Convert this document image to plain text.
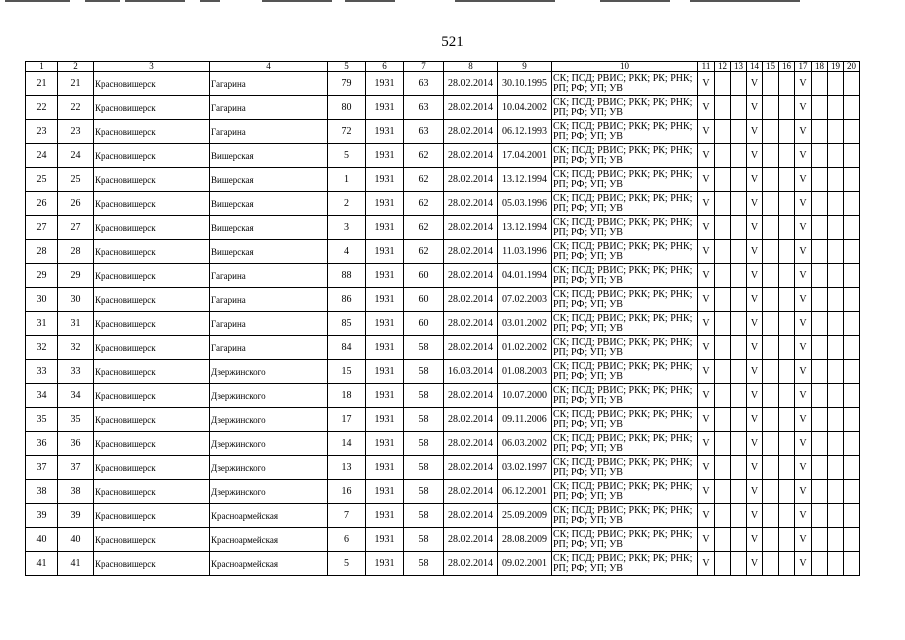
521
1	2	3	4	5	6	7	8	9	10	11	12	13	14	15	16	17	18	19	20
21	21	Красновишерск	Гагарина	79	1931	63	28.02.2014	30.10.1995	СК; ПСД; РВИС; РКК; РК; РНК; РП; РФ; УП; УВ	V			V			V			
22	22	Красновишерск	Гагарина	80	1931	63	28.02.2014	10.04.2002	СК; ПСД; РВИС; РКК; РК; РНК; РП; РФ; УП; УВ	V			V			V			
23	23	Красновишерск	Гагарина	72	1931	63	28.02.2014	06.12.1993	СК; ПСД; РВИС; РКК; РК; РНК; РП; РФ; УП; УВ	V			V			V			
24	24	Красновишерск	Вишерская	5	1931	62	28.02.2014	17.04.2001	СК; ПСД; РВИС; РКК; РК; РНК; РП; РФ; УП; УВ	V			V			V			
25	25	Красновишерск	Вишерская	1	1931	62	28.02.2014	13.12.1994	СК; ПСД; РВИС; РКК; РК; РНК; РП; РФ; УП; УВ	V			V			V			
26	26	Красновишерск	Вишерская	2	1931	62	28.02.2014	05.03.1996	СК; ПСД; РВИС; РКК; РК; РНК; РП; РФ; УП; УВ	V			V			V			
27	27	Красновишерск	Вишерская	3	1931	62	28.02.2014	13.12.1994	СК; ПСД; РВИС; РКК; РК; РНК; РП; РФ; УП; УВ	V			V			V			
28	28	Красновишерск	Вишерская	4	1931	62	28.02.2014	11.03.1996	СК; ПСД; РВИС; РКК; РК; РНК; РП; РФ; УП; УВ	V			V			V			
29	29	Красновишерск	Гагарина	88	1931	60	28.02.2014	04.01.1994	СК; ПСД; РВИС; РКК; РК; РНК; РП; РФ; УП; УВ	V			V			V			
30	30	Красновишерск	Гагарина	86	1931	60	28.02.2014	07.02.2003	СК; ПСД; РВИС; РКК; РК; РНК; РП; РФ; УП; УВ	V			V			V			
31	31	Красновишерск	Гагарина	85	1931	60	28.02.2014	03.01.2002	СК; ПСД; РВИС; РКК; РК; РНК; РП; РФ; УП; УВ	V			V			V			
32	32	Красновишерск	Гагарина	84	1931	58	28.02.2014	01.02.2002	СК; ПСД; РВИС; РКК; РК; РНК; РП; РФ; УП; УВ	V			V			V			
33	33	Красновишерск	Дзержинского	15	1931	58	16.03.2014	01.08.2003	СК; ПСД; РВИС; РКК; РК; РНК; РП; РФ; УП; УВ	V			V			V			
34	34	Красновишерск	Дзержинского	18	1931	58	28.02.2014	10.07.2000	СК; ПСД; РВИС; РКК; РК; РНК; РП; РФ; УП; УВ	V			V			V			
35	35	Красновишерск	Дзержинского	17	1931	58	28.02.2014	09.11.2006	СК; ПСД; РВИС; РКК; РК; РНК; РП; РФ; УП; УВ	V			V			V			
36	36	Красновишерск	Дзержинского	14	1931	58	28.02.2014	06.03.2002	СК; ПСД; РВИС; РКК; РК; РНК; РП; РФ; УП; УВ	V			V			V			
37	37	Красновишерск	Дзержинского	13	1931	58	28.02.2014	03.02.1997	СК; ПСД; РВИС; РКК; РК; РНК; РП; РФ; УП; УВ	V			V			V			
38	38	Красновишерск	Дзержинского	16	1931	58	28.02.2014	06.12.2001	СК; ПСД; РВИС; РКК; РК; РНК; РП; РФ; УП; УВ	V			V			V			
39	39	Красновишерск	Красноармейская	7	1931	58	28.02.2014	25.09.2009	СК; ПСД; РВИС; РКК; РК; РНК; РП; РФ; УП; УВ	V			V			V			
40	40	Красновишерск	Красноармейская	6	1931	58	28.02.2014	28.08.2009	СК; ПСД; РВИС; РКК; РК; РНК; РП; РФ; УП; УВ	V			V			V			
41	41	Красновишерск	Красноармейская	5	1931	58	28.02.2014	09.02.2001	СК; ПСД; РВИС; РКК; РК; РНК; РП; РФ; УП; УВ	V			V			V			
